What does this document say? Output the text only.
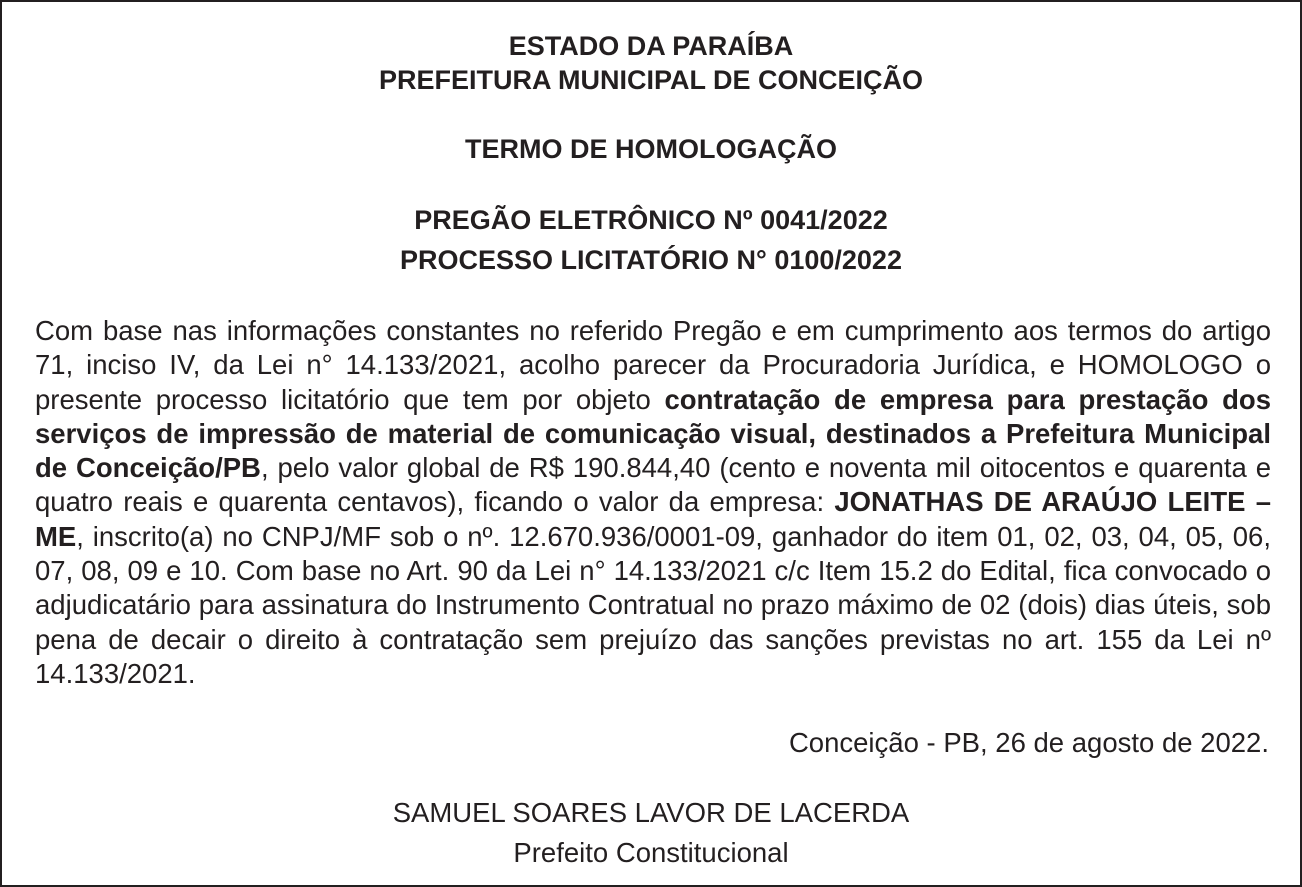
ESTADO DA PARAÍBA
PREFEITURA MUNICIPAL DE CONCEIÇÃO
TERMO DE HOMOLOGAÇÃO
PREGÃO ELETRÔNICO Nº 0041/2022
PROCESSO LICITATÓRIO N° 0100/2022

Com base nas informações constantes no referido Pregão e em cumprimento aos termos do artigo 71, inciso IV, da Lei n° 14.133/2021, acolho parecer da Procuradoria Jurídica, e HOMOLOGO o presente processo licitatório que tem por objeto contratação de empresa para prestação dos serviços de impressão de material de comunicação visual, destinados a Prefeitura Municipal de Conceição/PB, pelo valor global de R$ 190.844,40 (cento e noventa mil oitocentos e quarenta e quatro reais e quarenta centavos), ficando o valor da empresa: JONATHAS DE ARAÚJO LEITE – ME, inscrito(a) no CNPJ/MF sob o nº. 12.670.936/0001-09, ganhador do item 01, 02, 03, 04, 05, 06, 07, 08, 09 e 10. Com base no Art. 90 da Lei n° 14.133/2021 c/c Item 15.2 do Edital, fica convocado o adjudicatário para assinatura do Instrumento Contratual no prazo máximo de 02 (dois) dias úteis, sob pena de decair o direito à contratação sem prejuízo das sanções previstas no art. 155 da Lei nº 14.133/2021.

Conceição - PB, 26 de agosto de 2022.
SAMUEL SOARES LAVOR DE LACERDA
Prefeito Constitucional
